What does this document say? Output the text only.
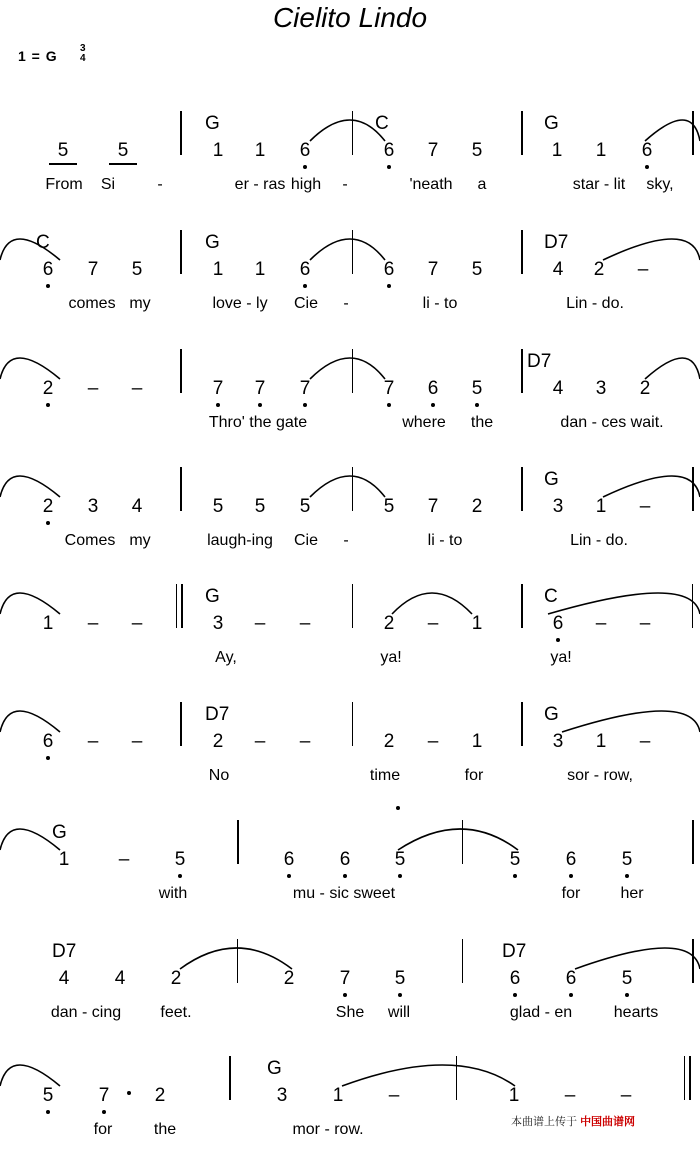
Cielito Lindo
1 = G 3
4
G	C	G
5	5	1 1 6	6 7 5	1 1 6
From Si	-	er - ras high -	'neath a	star - lit sky,
C	G	D7
6 7 5	1 1 6	6 7 5	4 2 –
comes my	love - ly Cie -	li - to	Lin - do.
D7
2 – –	7 7 7	7 6 5	4 3 2
Thro' the gate	where the	dan - ces wait.
G
2 3 4	5 5 5	5 7 2	3 1 –
Comes my	laugh-ing Cie -	li - to	Lin - do.
G	C
1 – –	3 – –	2 – 1	6 – –
Ay,	ya!	ya!
D7	G
6 – –	2 – –	2 – 1	3 1 –
No	time	for	sor - row,
G
1	– 5	6 6 5	5 6 5
with	mu - sic sweet	for	her
D7	D7
4 4 2	2 7 5	6 6 5
dan - cing feet.	She will	glad - en	hearts
G
5 7 2	3 1 –	1 – –
for	the	mor - row.	本曲谱上传于 中国曲谱网
